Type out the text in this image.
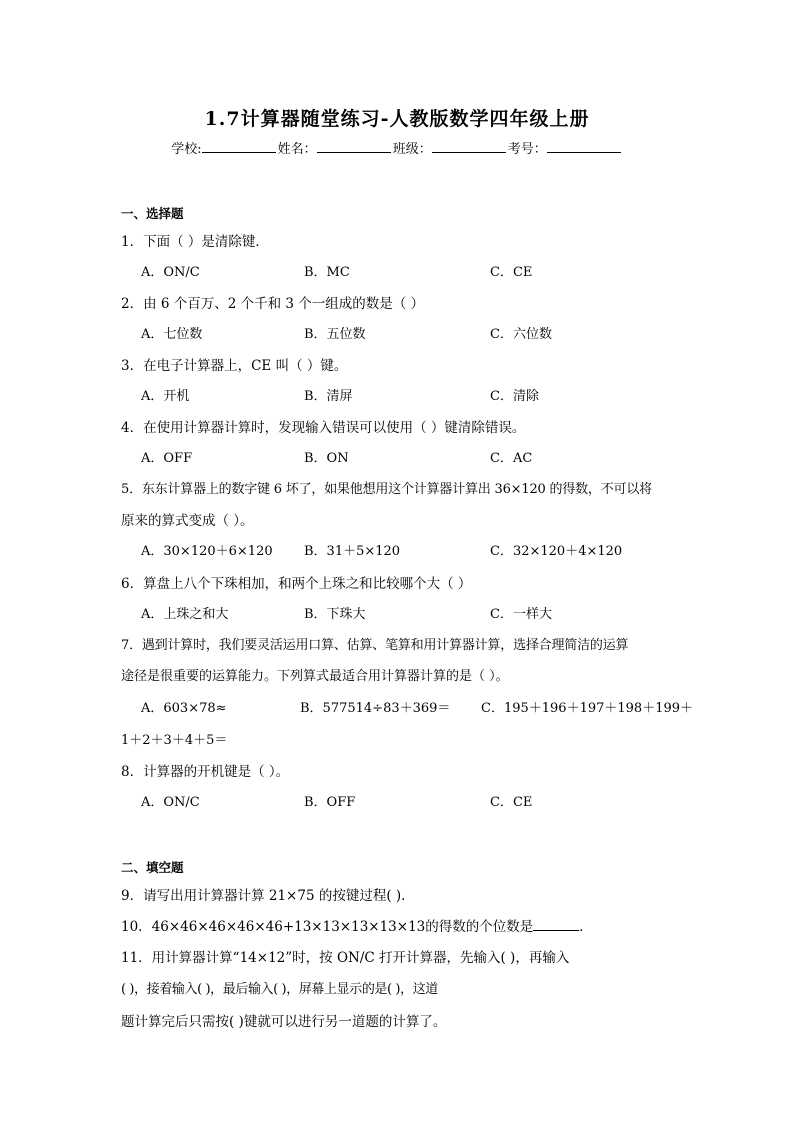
1.7计算器随堂练习-人教版数学四年级上册
学校:	姓名：	班级：	考号：
一、选择题
1．下面（ ）是清除键．
A．ON/C	B．MC	C．CE
2．由 6 个百万、2 个千和 3 个一组成的数是（ ）
A．七位数	B．五位数	C．六位数
3．在电子计算器上，CE 叫（ ）键。
A．开机	B．清屏	C．清除
4．在使用计算器计算时，发现输入错误可以使用（ ）键清除错误。
A．OFF	B．ON	C．AC
5．东东计算器上的数字键 6 坏了，如果他想用这个计算器计算出 36×120 的得数，不可以将
原来的算式变成（ ）。
A．30×120＋6×120 B．31＋5×120	C．32×120＋4×120
6．算盘上八个下珠相加，和两个上珠之和比较哪个大（ ）
A．上珠之和大	B．下珠大	C．一样大
7．遇到计算时，我们要灵活运用口算、估算、笔算和用计算器计算，选择合理简洁的运算
途径是很重要的运算能力。下列算式最适合用计算器计算的是（ ）。
A．603×78≈	B．577514÷83＋369＝ C．195＋196＋197＋198＋199＋
1＋2＋3＋4＋5＝
8．计算器的开机键是（ ）。
A．ON/C	B．OFF	C．CE
二、填空题
9．请写出用计算器计算 21×75 的按键过程( )．
10．46×46×46×46×46+13×13×13×13×13的得数的个位数是	．
11．用计算器计算“14×12”时，按 ON/C 打开计算器，先输入( )，再输入
( )，接着输入( )，最后输入( )，屏幕上显示的是( )，这道
题计算完后只需按( )键就可以进行另一道题的计算了。
